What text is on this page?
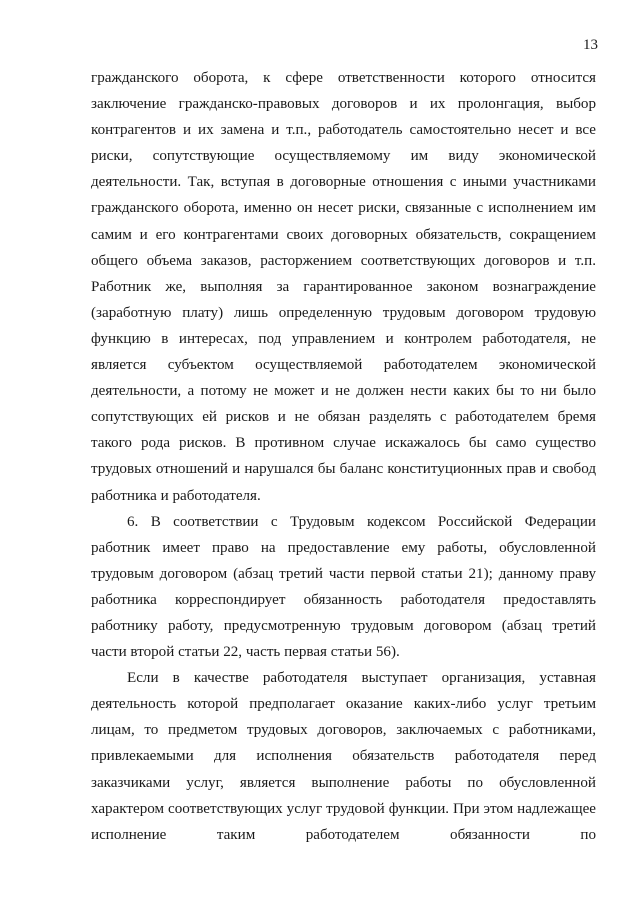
13

гражданского оборота, к сфере ответственности которого относится заключение гражданско-правовых договоров и их пролонгация, выбор контрагентов и их замена и т.п., работодатель самостоятельно несет и все риски, сопутствующие осуществляемому им виду экономической деятельности. Так, вступая в договорные отношения с иными участниками гражданского оборота, именно он несет риски, связанные с исполнением им самим и его контрагентами своих договорных обязательств, сокращением общего объема заказов, расторжением соответствующих договоров и т.п. Работник же, выполняя за гарантированное законом вознаграждение (заработную плату) лишь определенную трудовым договором трудовую функцию в интересах, под управлением и контролем работодателя, не является субъектом осуществляемой работодателем экономической деятельности, а потому не может и не должен нести каких бы то ни было сопутствующих ей рисков и не обязан разделять с работодателем бремя такого рода рисков. В противном случае искажалось бы само существо трудовых отношений и нарушался бы баланс конституционных прав и свобод работника и работодателя.

6. В соответствии с Трудовым кодексом Российской Федерации работник имеет право на предоставление ему работы, обусловленной трудовым договором (абзац третий части первой статьи 21); данному праву работника корреспондирует обязанность работодателя предоставлять работнику работу, предусмотренную трудовым договором (абзац третий части второй статьи 22, часть первая статьи 56).

Если в качестве работодателя выступает организация, уставная деятельность которой предполагает оказание каких-либо услуг третьим лицам, то предметом трудовых договоров, заключаемых с работниками, привлекаемыми для исполнения обязательств работодателя перед заказчиками услуг, является выполнение работы по обусловленной характером соответствующих услуг трудовой функции. При этом надлежащее исполнение таким работодателем обязанности по
